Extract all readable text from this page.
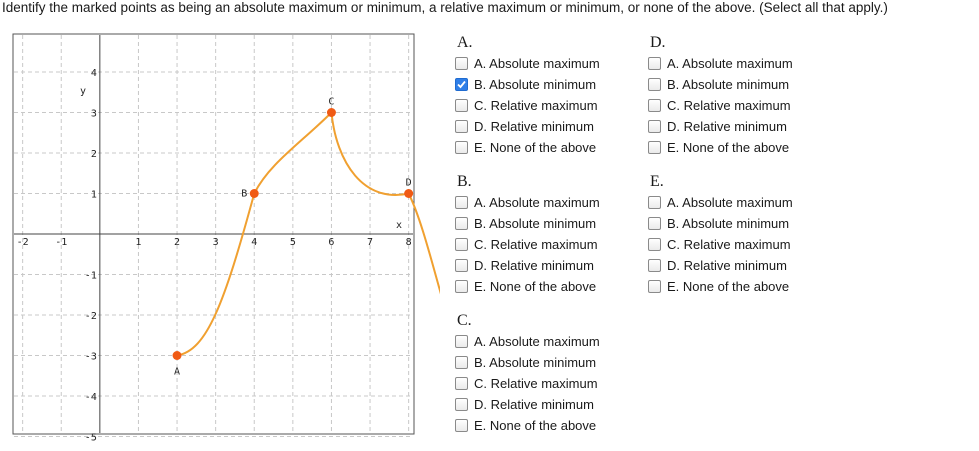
Identify the marked points as being an absolute maximum or minimum, a relative maximum or minimum, or none of the above. (Select all that apply.)
-2	-1	1	2	3	4	5	6	7	8
4
3
2
1
-1
-2
-3
-4
-5
x
y
A
B
C
D
A.
A. Absolute maximum
B. Absolute minimum
C. Relative maximum
D. Relative minimum
E. None of the above
B.
A. Absolute maximum
B. Absolute minimum
C. Relative maximum
D. Relative minimum
E. None of the above
C.
A. Absolute maximum
B. Absolute minimum
C. Relative maximum
D. Relative minimum
E. None of the above
D.
A. Absolute maximum
B. Absolute minimum
C. Relative maximum
D. Relative minimum
E. None of the above
E.
A. Absolute maximum
B. Absolute minimum
C. Relative maximum
D. Relative minimum
E. None of the above
